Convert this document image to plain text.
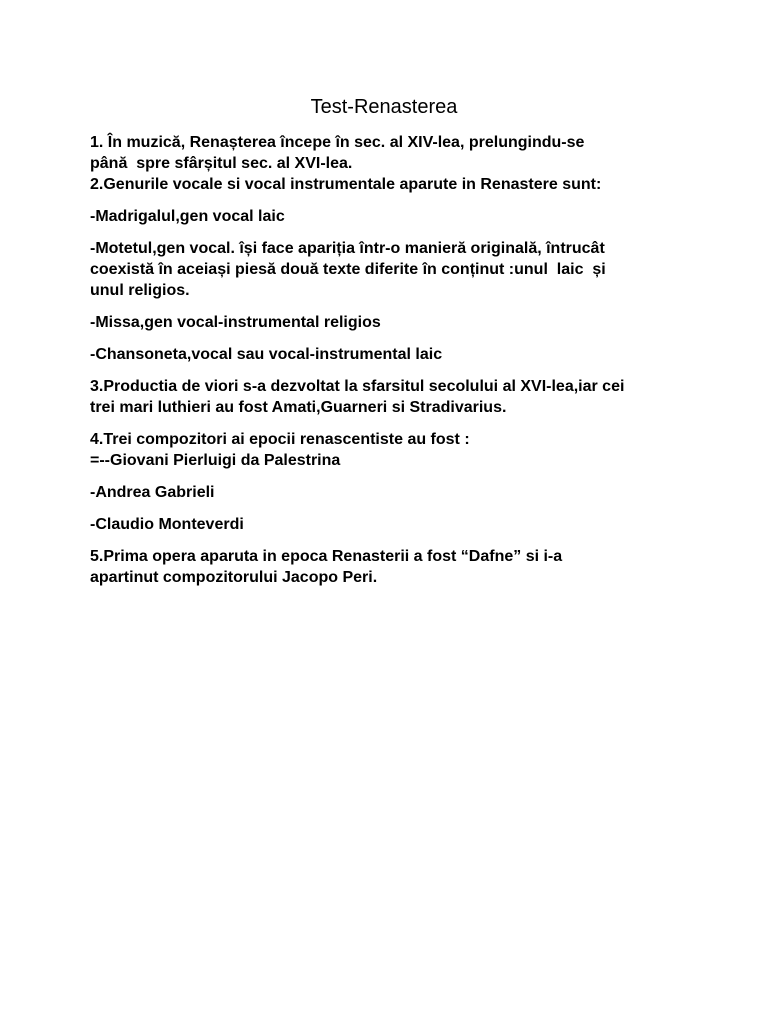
Test-Renasterea

1. În muzică, Renașterea începe în sec. al XIV-lea, prelungindu-se

până  spre sfârșitul sec. al XVI-lea.

2.Genurile vocale si vocal instrumentale aparute in Renastere sunt:

-Madrigalul,gen vocal laic

-Motetul,gen vocal. își face apariția într-o manieră originală, întrucât

coexistă în aceiași piesă două texte diferite în conținut :unul  laic  și

unul religios.

-Missa,gen vocal-instrumental religios

-Chansoneta,vocal sau vocal-instrumental laic

3.Productia de viori s-a dezvoltat la sfarsitul secolului al XVI-lea,iar cei

trei mari luthieri au fost Amati,Guarneri si Stradivarius.

4.Trei compozitori ai epocii renascentiste au fost :

=--Giovani Pierluigi da Palestrina

-Andrea Gabrieli

-Claudio Monteverdi

5.Prima opera aparuta in epoca Renasterii a fost “Dafne” si i-a

apartinut compozitorului Jacopo Peri.
